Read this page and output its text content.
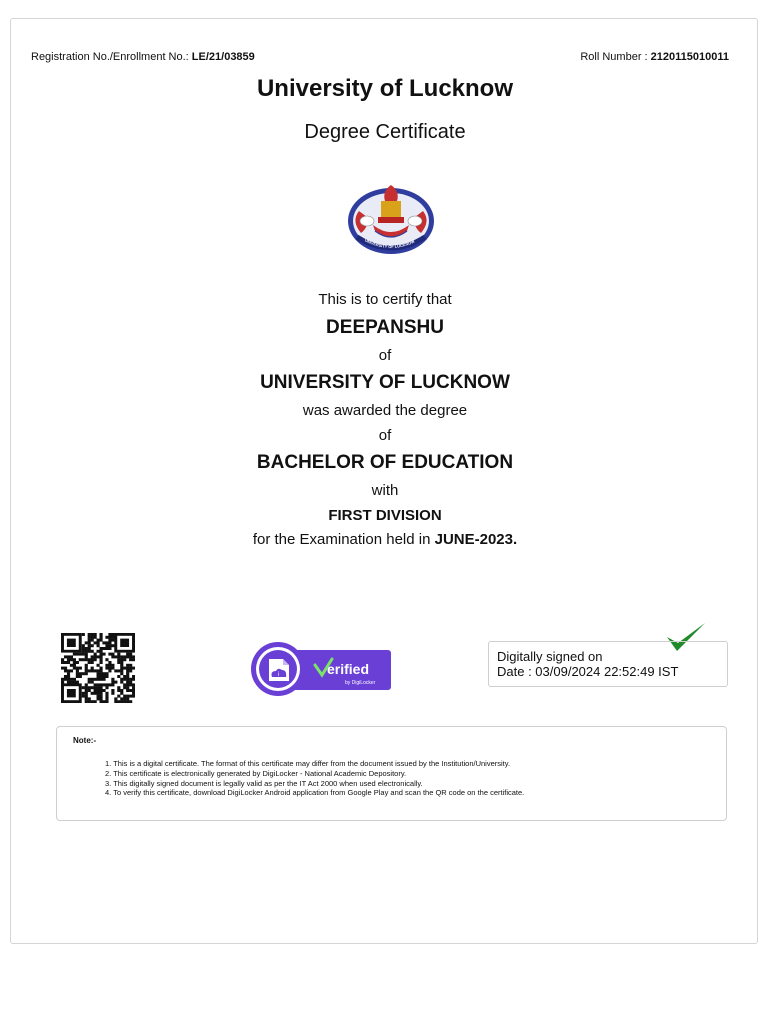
Registration No./Enrollment No.: LE/21/03859	Roll Number : 2120115010011
University of Lucknow
Degree Certificate
UNIVERSITY OF LUCKNOW
This is to certify that
DEEPANSHU
of
UNIVERSITY OF LUCKNOW
was awarded the degree
of
BACHELOR OF EDUCATION
with
FIRST DIVISION
for the Examination held in JUNE-2023.
i	erified
by DigiLocker
Digitally signed on
Date : 03/09/2024 22:52:49 IST
Note:-
1. This is a digital certificate. The format of this certificate may differ from the document issued by the Institution/University.
2. This certificate is electronically generated by DigiLocker - National Academic Depository.
3. This digitally signed document is legally valid as per the IT Act 2000 when used electronically.
4. To verify this certificate, download DigiLocker Android application from Google Play and scan the QR code on the certificate.
